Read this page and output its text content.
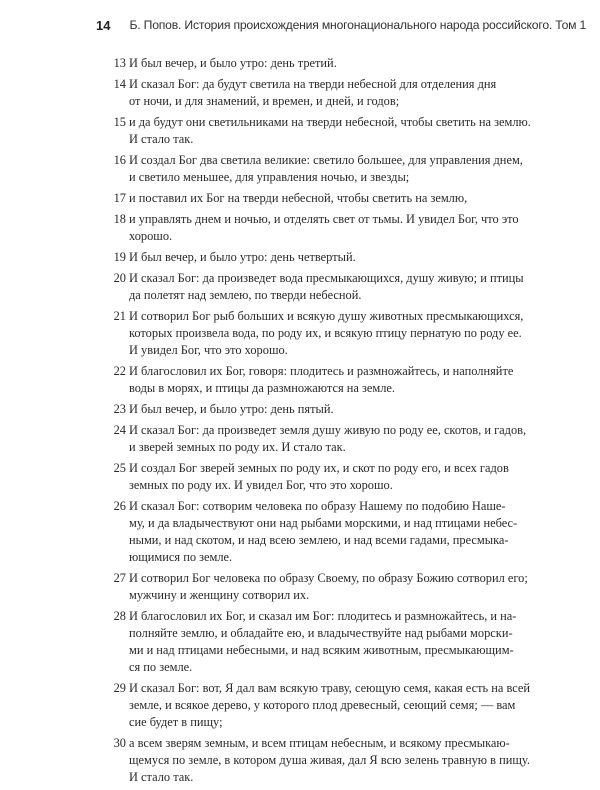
14 Б. Попов. История происхождения многонационального народа российского. Том 1
13 И был вечер, и было утро: день третий.
14 И сказал Бог: да будут светила на тверди небесной для отделения дня
от ночи, и для знамений, и времен, и дней, и годов;
15 и да будут они светильниками на тверди небесной, чтобы светить на землю.
И стало так.
16 И создал Бог два светила великие: светило большее, для управления днем,
и светило меньшее, для управления ночью, и звезды;
17 и поставил их Бог на тверди небесной, чтобы светить на землю,
18 и управлять днем и ночью, и отделять свет от тьмы. И увидел Бог, что это
хорошо.
19 И был вечер, и было утро: день четвертый.
20 И сказал Бог: да произведет вода пресмыкающихся, душу живую; и птицы
да полетят над землею, по тверди небесной.
21 И сотворил Бог рыб больших и всякую душу животных пресмыкающихся,
которых произвела вода, по роду их, и всякую птицу пернатую по роду ее.
И увидел Бог, что это хорошо.
22 И благословил их Бог, говоря: плодитесь и размножайтесь, и наполняйте
воды в морях, и птицы да размножаются на земле.
23 И был вечер, и было утро: день пятый.
24 И сказал Бог: да произведет земля душу живую по роду ее, скотов, и гадов,
и зверей земных по роду их. И стало так.
25 И создал Бог зверей земных по роду их, и скот по роду его, и всех гадов
земных по роду их. И увидел Бог, что это хорошо.
26 И сказал Бог: сотворим человека по образу Нашему по подобию Наше-
му, и да владычествуют они над рыбами морскими, и над птицами небес-
ными, и над скотом, и над всею землею, и над всеми гадами, пресмыка-
ющимися по земле.
27 И сотворил Бог человека по образу Своему, по образу Божию сотворил его;
мужчину и женщину сотворил их.
28 И благословил их Бог, и сказал им Бог: плодитесь и размножайтесь, и на-
полняйте землю, и обладайте ею, и владычествуйте над рыбами морски-
ми и над птицами небесными, и над всяким животным, пресмыкающим-
ся по земле.
29 И сказал Бог: вот, Я дал вам всякую траву, сеющую семя, какая есть на всей
земле, и всякое дерево, у которого плод древесный, сеющий семя; — вам
сие будет в пищу;
30 а всем зверям земным, и всем птицам небесным, и всякому пресмыкаю-
щемуся по земле, в котором душа живая, дал Я всю зелень травную в пищу.
И стало так.
